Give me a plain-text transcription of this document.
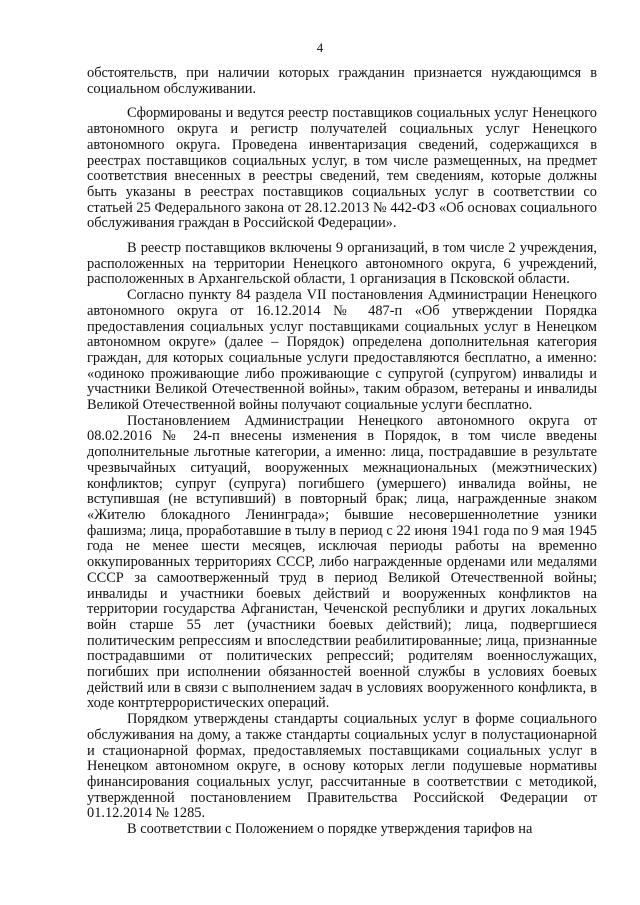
4

обстоятельств, при наличии которых гражданин признается нуждающимся в социальном обслуживании.

Сформированы и ведутся реестр поставщиков социальных услуг Ненецкого автономного округа и регистр получателей социальных услуг Ненецкого автономного округа. Проведена инвентаризация сведений, содержащихся в реестрах поставщиков социальных услуг, в том числе размещенных, на предмет соответствия внесенных в реестры сведений, тем сведениям, которые должны быть указаны в реестрах поставщиков социальных услуг в соответствии со статьей 25 Федерального закона от 28.12.2013 № 442-ФЗ «Об основах социального обслуживания граждан в Российской Федерации».

В реестр поставщиков включены 9 организаций, в том числе 2 учреждения, расположенных на территории Ненецкого автономного округа, 6 учреждений, расположенных в Архангельской области, 1 организация в Псковской области.

Согласно пункту 84 раздела VII постановления Администрации Ненецкого автономного округа от 16.12.2014 № 487-п «Об утверждении Порядка предоставления социальных услуг поставщиками социальных услуг в Ненецком автономном округе» (далее – Порядок) определена дополнительная категория граждан, для которых социальные услуги предоставляются бесплатно, а именно: «одиноко проживающие либо проживающие с супругой (супругом) инвалиды и участники Великой Отечественной войны», таким образом, ветераны и инвалиды Великой Отечественной войны получают социальные услуги бесплатно.

Постановлением Администрации Ненецкого автономного округа от 08.02.2016 № 24-п внесены изменения в Порядок, в том числе введены дополнительные льготные категории, а именно: лица, пострадавшие в результате чрезвычайных ситуаций, вооруженных межнациональных (межэтнических) конфликтов; супруг (супруга) погибшего (умершего) инвалида войны, не вступившая (не вступивший) в повторный брак; лица, награжденные знаком «Жителю блокадного Ленинграда»; бывшие несовершеннолетние узники фашизма; лица, проработавшие в тылу в период с 22 июня 1941 года по 9 мая 1945 года не менее шести месяцев, исключая периоды работы на временно оккупированных территориях СССР, либо награжденные орденами или медалями СССР за самоотверженный труд в период Великой Отечественной войны; инвалиды и участники боевых действий и вооруженных конфликтов на территории государства Афганистан, Чеченской республики и других локальных войн старше 55 лет (участники боевых действий); лица, подвергшиеся политическим репрессиям и впоследствии реабилитированные; лица, признанные пострадавшими от политических репрессий; родителям военнослужащих, погибших при исполнении обязанностей военной службы в условиях боевых действий или в связи с выполнением задач в условиях вооруженного конфликта, в ходе контртеррористических операций.

Порядком утверждены стандарты социальных услуг в форме социального обслуживания на дому, а также стандарты социальных услуг в полустационарной и стационарной формах, предоставляемых поставщиками социальных услуг в Ненецком автономном округе, в основу которых легли подушевые нормативы финансирования социальных услуг, рассчитанные в соответствии с методикой, утвержденной постановлением Правительства Российской Федерации от 01.12.2014 № 1285.

В соответствии с Положением о порядке утверждения тарифов на
